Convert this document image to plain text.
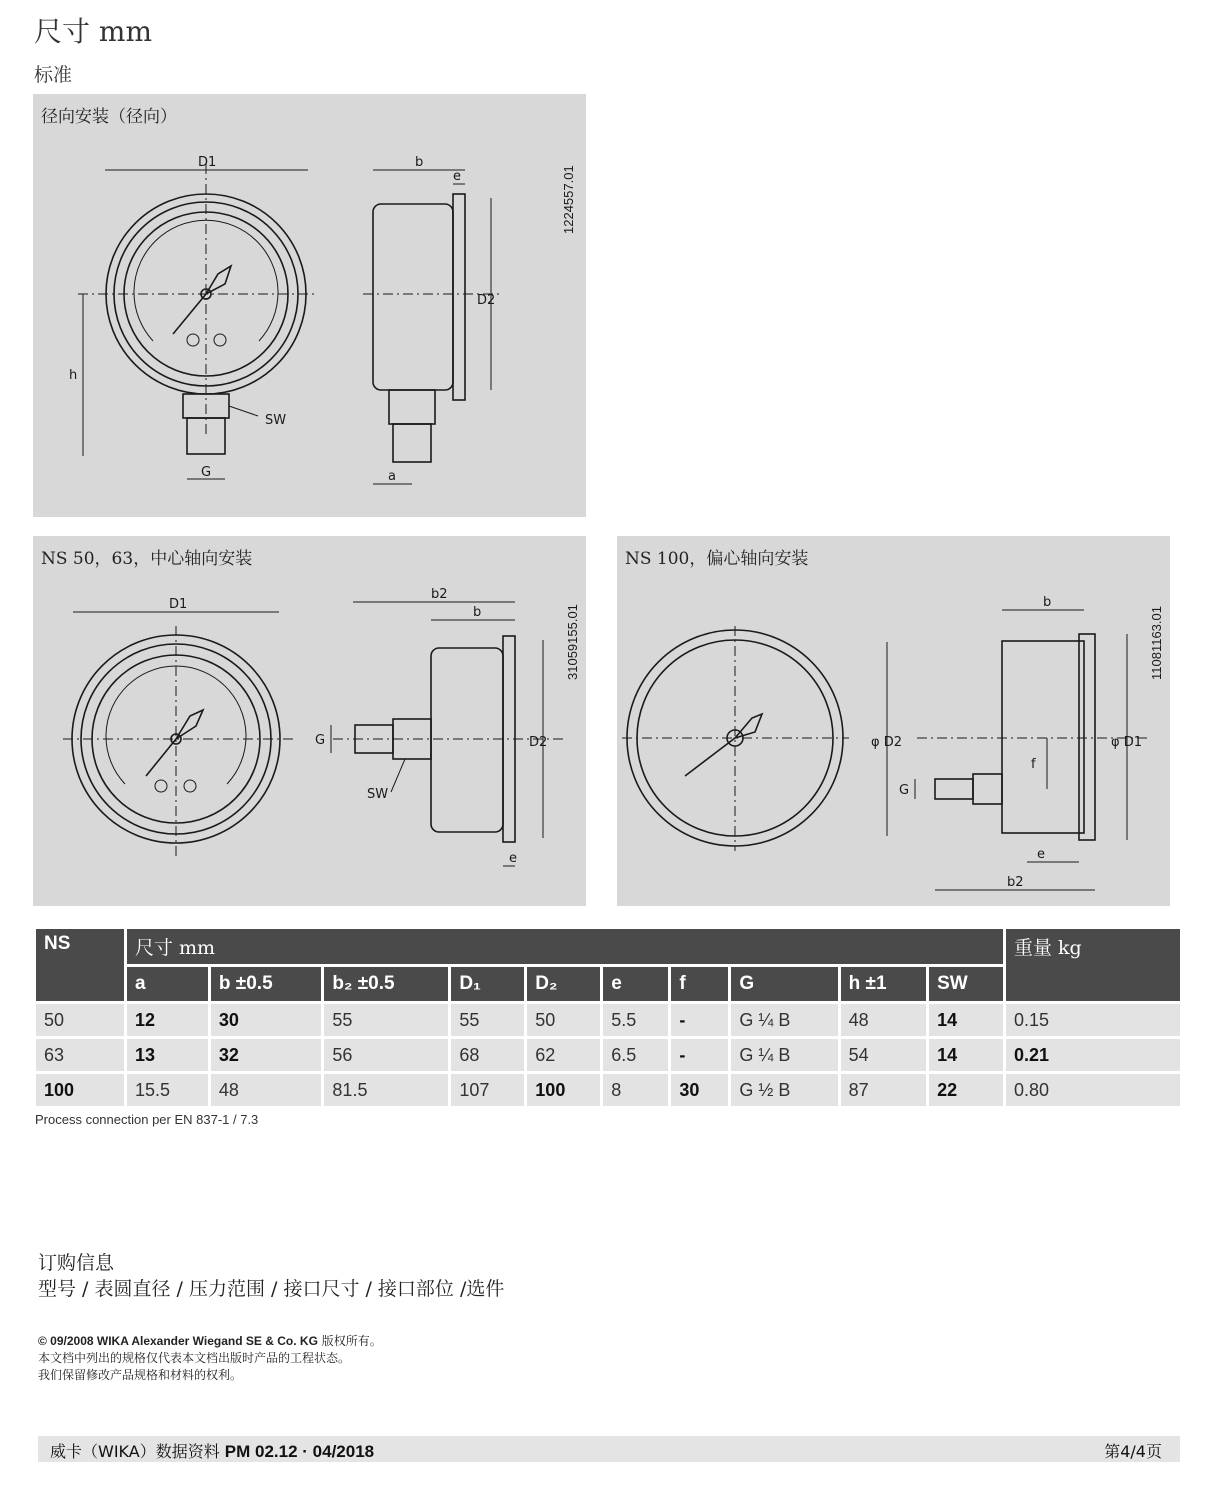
尺寸 mm
标准
径向安装（径向）
SW
D1
h
G
D2
b
e
a
1224557.01
NS 50，63，中心轴向安装
D1
b2
b
G	D2
SW
e
31059155.01
NS 100，偏心轴向安装
b
φ D2	φ D1
G
f
e
b2
11081163.01
NS	尺寸 mm										重量 kg
	a	b ±0.5	b₂ ±0.5	D₁	D₂	e	f	G	h ±1	SW	
50	12	30	55	55	50	5.5	-	G ¼ B	48	14	0.15
63	13	32	56	68	62	6.5	-	G ¼ B	54	14	0.21
100	15.5	48	81.5	107	100	8	30	G ½ B	87	22	0.80
Process connection per EN 837-1 / 7.3
订购信息
型号 / 表圆直径 / 压力范围 / 接口尺寸 / 接口部位 /选件
© 09/2008 WIKA Alexander Wiegand SE & Co. KG 版权所有。
本文档中列出的规格仅代表本文档出版时产品的工程状态。
我们保留修改产品规格和材料的权利。
威卡（WIKA）数据资料 PM 02.12 · 04/2018	第4/4页
